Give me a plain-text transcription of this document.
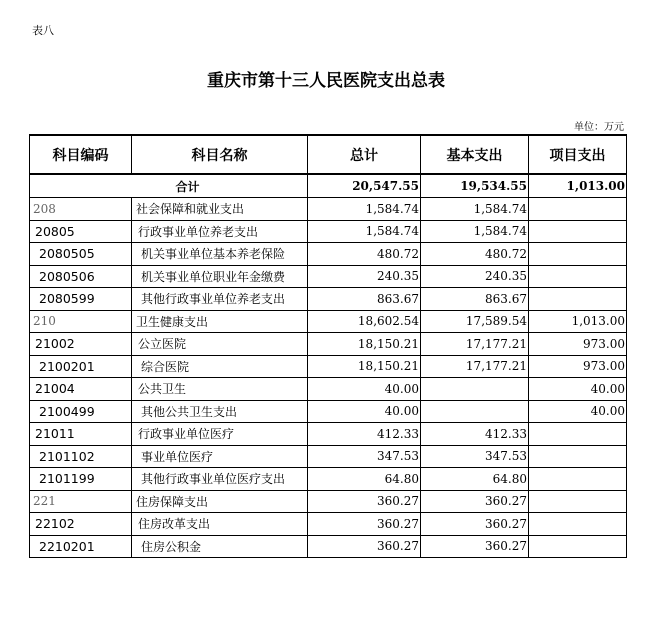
表八
重庆市第十三人民医院支出总表
单位：万元
科目编码	科目名称	总计	基本支出	项目支出
合计		20,547.55	19,534.55	1,013.00
208	社会保障和就业支出	1,584.74	1,584.74	
20805	行政事业单位养老支出	1,584.74	1,584.74	
2080505	机关事业单位基本养老保险	480.72	480.72	
2080506	机关事业单位职业年金缴费	240.35	240.35	
2080599	其他行政事业单位养老支出	863.67	863.67	
210	卫生健康支出	18,602.54	17,589.54	1,013.00
21002	公立医院	18,150.21	17,177.21	973.00
2100201	综合医院	18,150.21	17,177.21	973.00
21004	公共卫生	40.00		40.00
2100499	其他公共卫生支出	40.00		40.00
21011	行政事业单位医疗	412.33	412.33	
2101102	事业单位医疗	347.53	347.53	
2101199	其他行政事业单位医疗支出	64.80	64.80	
221	住房保障支出	360.27	360.27	
22102	住房改革支出	360.27	360.27	
2210201	住房公积金	360.27	360.27	
